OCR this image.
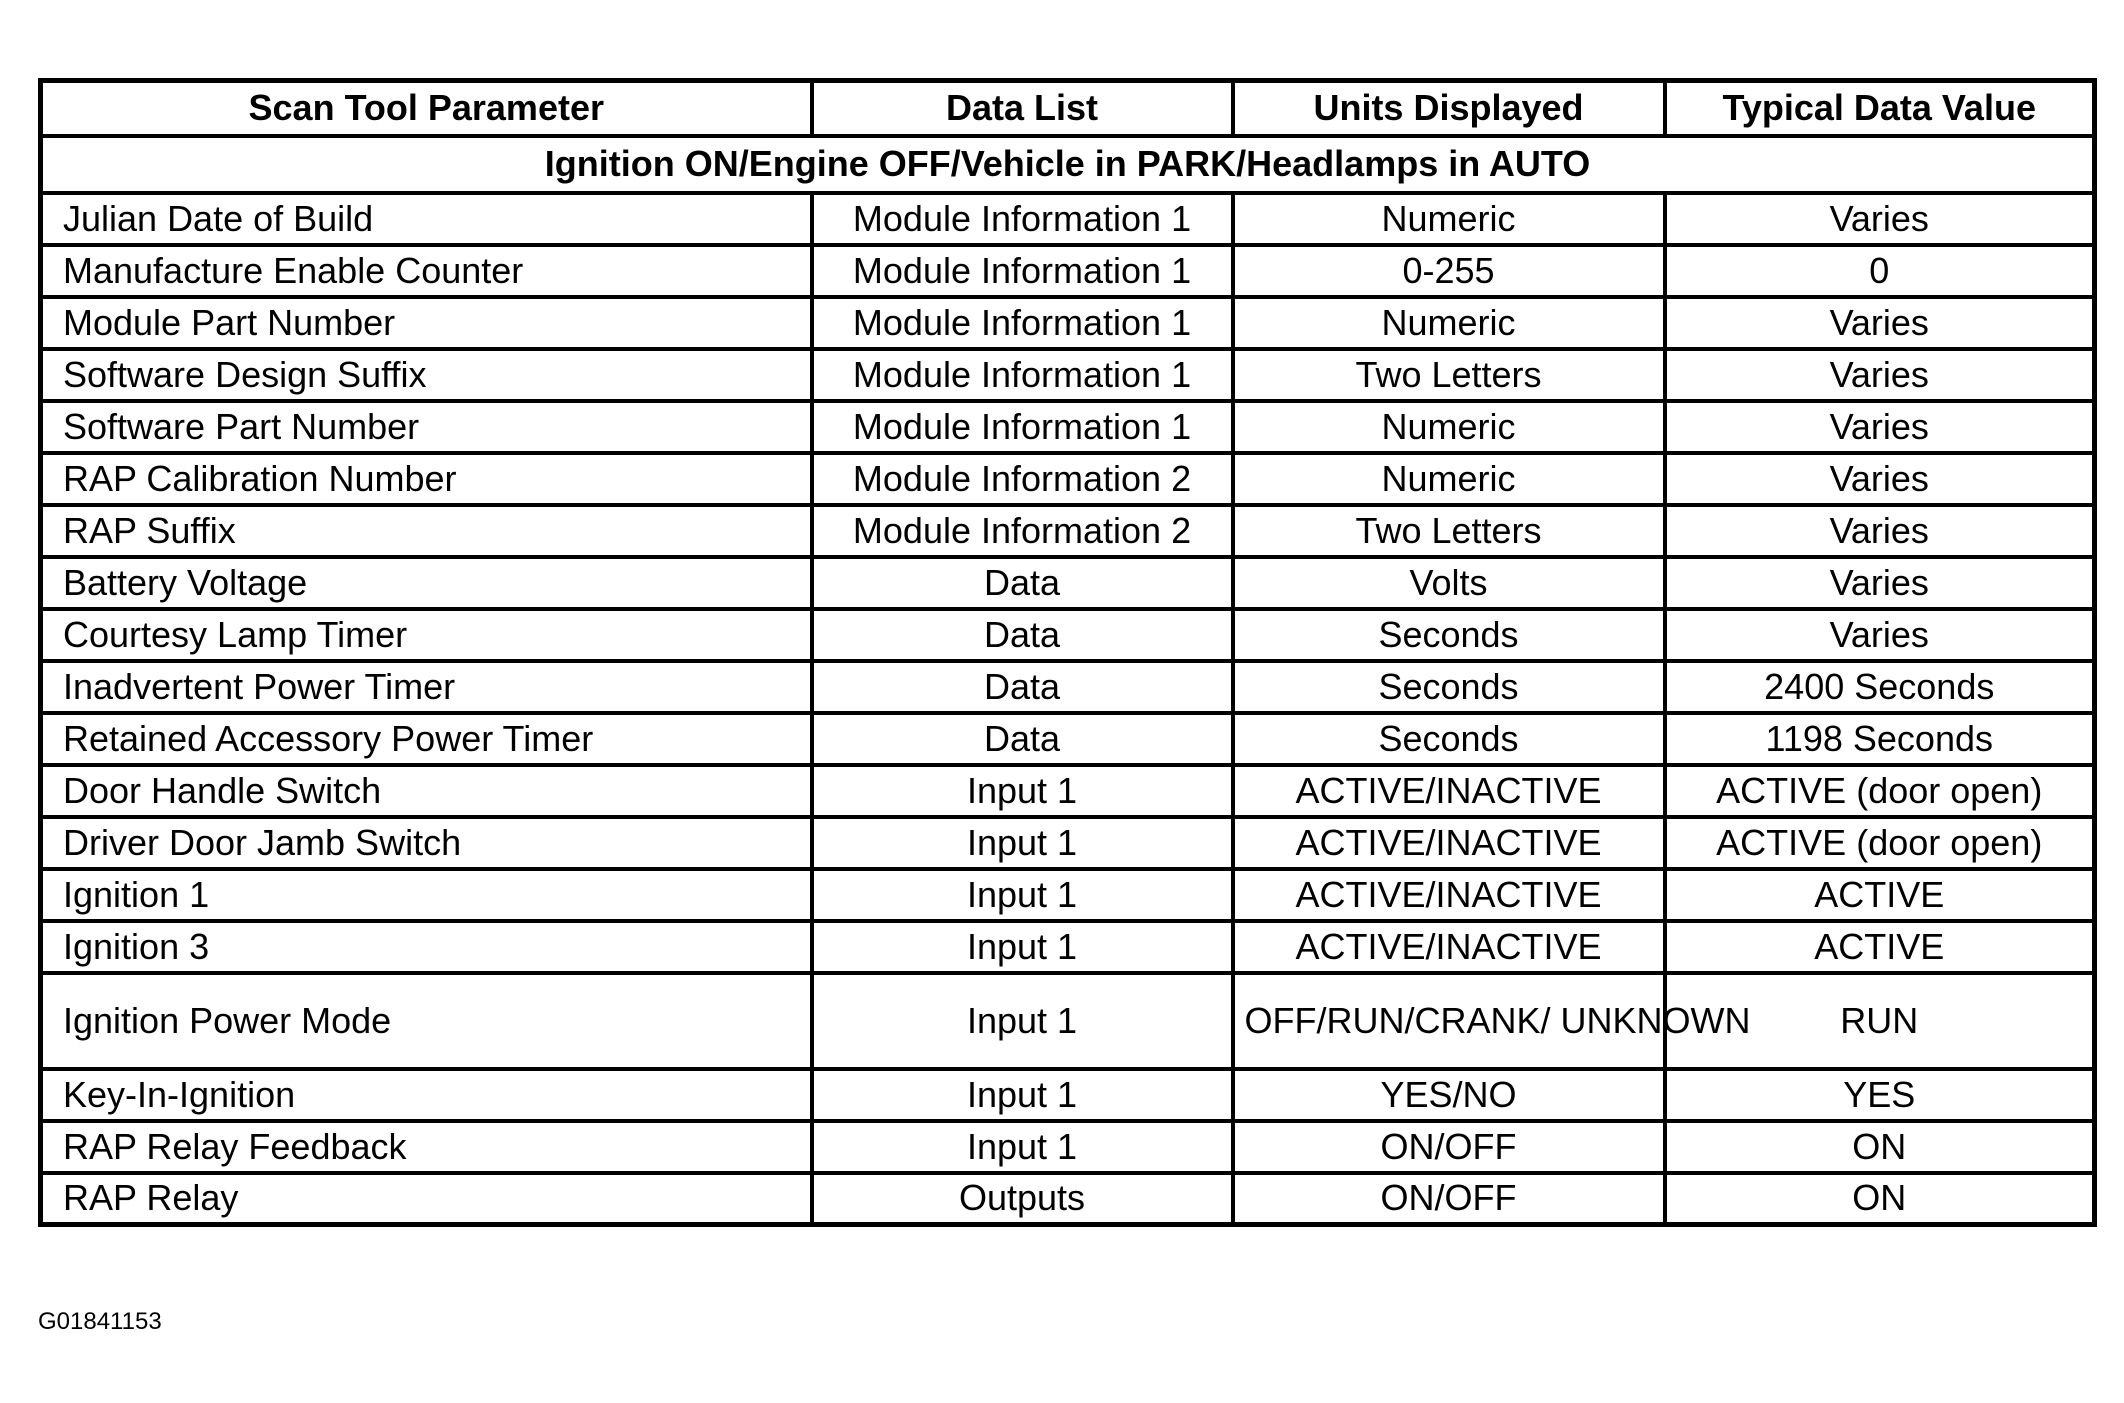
Scan Tool Parameter	Data List	Units Displayed	Typical Data Value
Ignition ON/Engine OFF/Vehicle in PARK/Headlamps in AUTO			
Julian Date of Build	Module Information 1	Numeric	Varies
Manufacture Enable Counter	Module Information 1	0-255	0
Module Part Number	Module Information 1	Numeric	Varies
Software Design Suffix	Module Information 1	Two Letters	Varies
Software Part Number	Module Information 1	Numeric	Varies
RAP Calibration Number	Module Information 2	Numeric	Varies
RAP Suffix	Module Information 2	Two Letters	Varies
Battery Voltage	Data	Volts	Varies
Courtesy Lamp Timer	Data	Seconds	Varies
Inadvertent Power Timer	Data	Seconds	2400 Seconds
Retained Accessory Power Timer	Data	Seconds	1198 Seconds
Door Handle Switch	Input 1	ACTIVE/INACTIVE	ACTIVE (door open)
Driver Door Jamb Switch	Input 1	ACTIVE/INACTIVE	ACTIVE (door open)
Ignition 1	Input 1	ACTIVE/INACTIVE	ACTIVE
Ignition 3	Input 1	ACTIVE/INACTIVE	ACTIVE
Ignition Power Mode	Input 1	OFF/RUN/CRANK/ UNKNOWN	RUN
Key-In-Ignition	Input 1	YES/NO	YES
RAP Relay Feedback	Input 1	ON/OFF	ON
RAP Relay	Outputs	ON/OFF	ON
G01841153
